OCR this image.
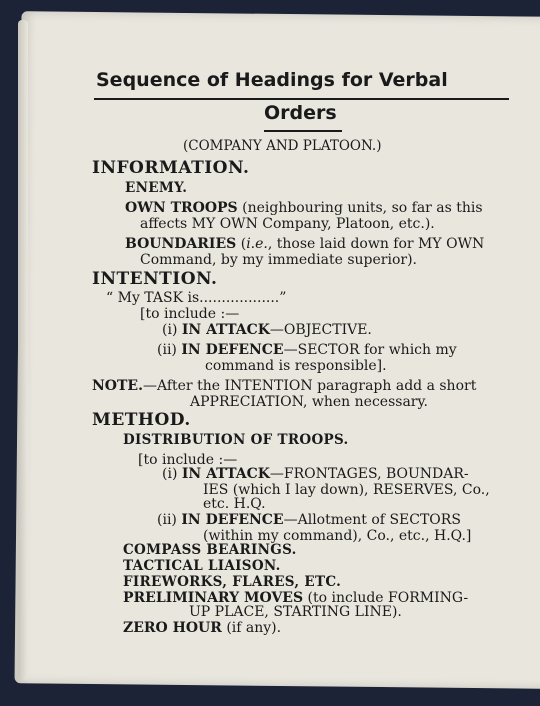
Sequence of Headings for Verbal
Orders
(COMPANY AND PLATOON.)
INFORMATION.
ENEMY.
OWN TROOPS (neighbouring units, so far as this
affects MY OWN Company, Platoon, etc.).
BOUNDARIES (i.e., those laid down for MY OWN
Command, by my immediate superior).
INTENTION.
“ My TASK is..................”
[to include :—
(i) IN ATTACK—OBJECTIVE.
(ii) IN DEFENCE—SECTOR for which my
command is responsible].
NOTE.—After the INTENTION paragraph add a short
APPRECIATION, when necessary.
METHOD.
DISTRIBUTION OF TROOPS.
[to include :—
(i) IN ATTACK—FRONTAGES, BOUNDAR-
IES (which I lay down), RESERVES, Co.,
etc. H.Q.
(ii) IN DEFENCE—Allotment of SECTORS
(within my command), Co., etc., H.Q.]
COMPASS BEARINGS.
TACTICAL LIAISON.
FIREWORKS, FLARES, ETC.
PRELIMINARY MOVES (to include FORMING-
UP PLACE, STARTING LINE).
ZERO HOUR (if any).
